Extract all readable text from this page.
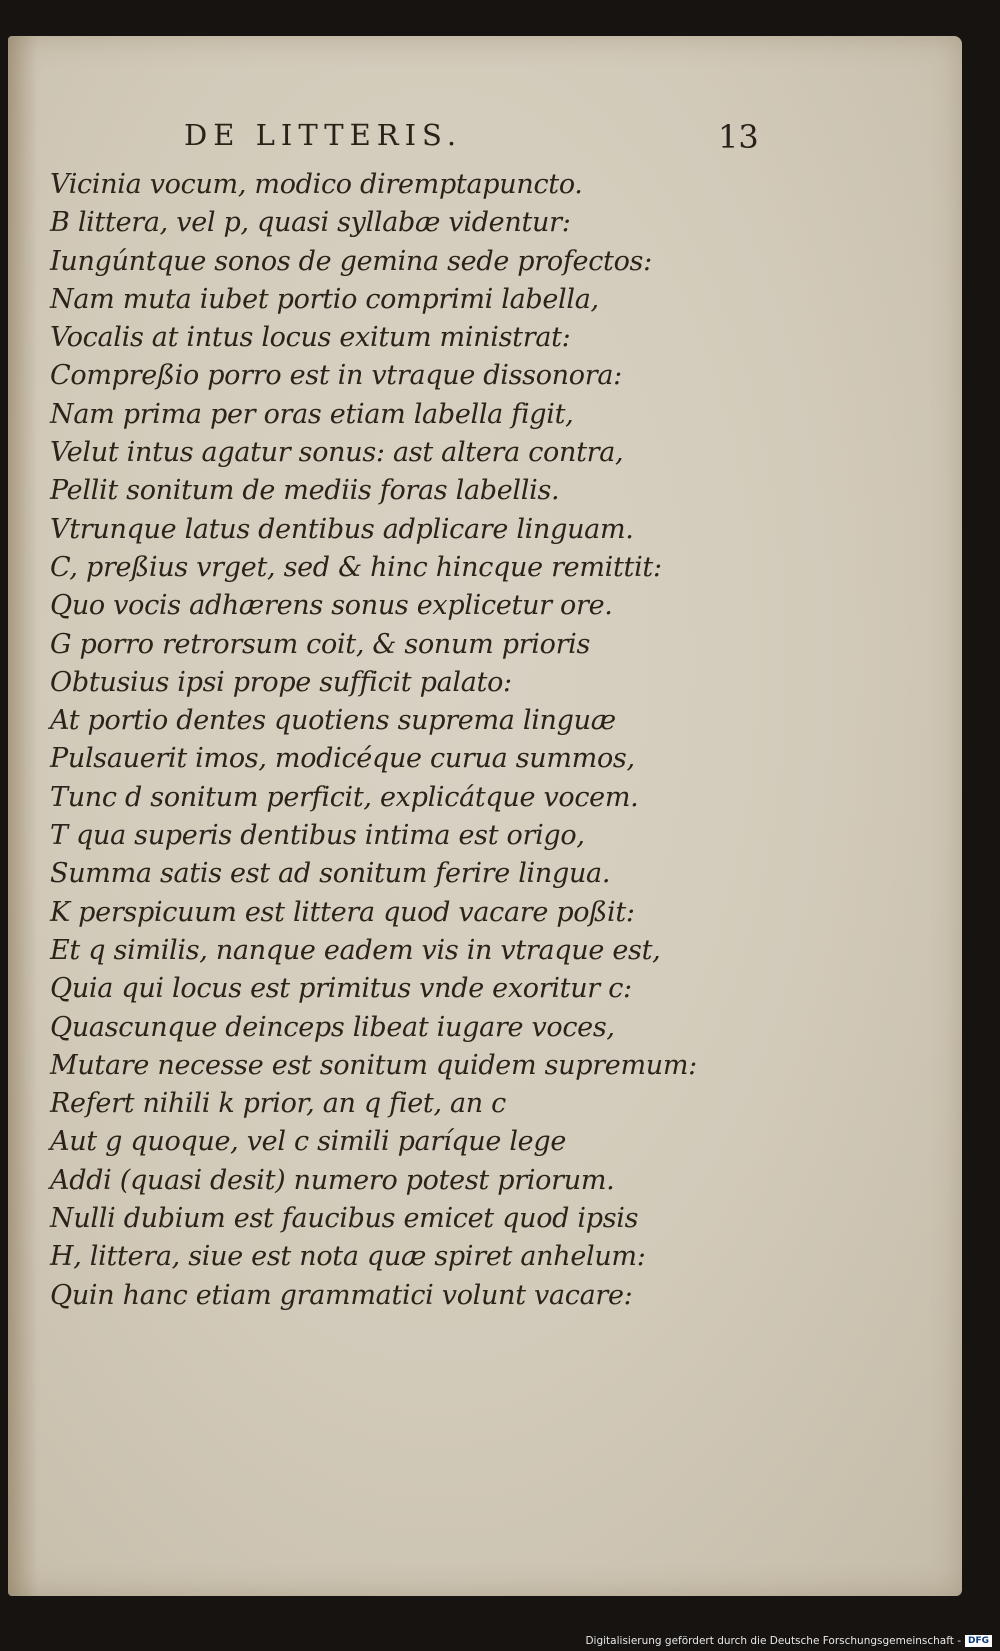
DE LITTERIS.	13
Vicinia vocum, modico diremptapuncto.
B littera, vel p, quasi syllabæ videntur:
Iungúntque sonos de gemina sede profectos:
Nam muta iubet portio comprimi labella,
Vocalis at intus locus exitum ministrat:
Compreßio porro est in vtraque dissonora:
Nam prima per oras etiam labella figit,
Velut intus agatur sonus: ast altera contra,
Pellit sonitum de mediis foras labellis.
Vtrunque latus dentibus adplicare linguam.
C, preßius vrget, sed & hinc hincque remittit:
Quo vocis adhærens sonus explicetur ore.
G porro retrorsum coit, & sonum prioris
Obtusius ipsi prope sufficit palato:
At portio dentes quotiens suprema linguæ
Pulsauerit imos, modicéque curua summos,
Tunc d sonitum perficit, explicátque vocem.
T qua superis dentibus intima est origo,
Summa satis est ad sonitum ferire lingua.
K perspicuum est littera quod vacare poßit:
Et q similis, nanque eadem vis in vtraque est,
Quia qui locus est primitus vnde exoritur c:
Quascunque deinceps libeat iugare voces,
Mutare necesse est sonitum quidem supremum:
Refert nihili k prior, an q fiet, an c
Aut g quoque, vel c simili paríque lege
Addi (quasi desit) numero potest priorum.
Nulli dubium est faucibus emicet quod ipsis
H, littera, siue est nota quæ spiret anhelum:
Quin hanc etiam grammatici volunt vacare:
Digitalisierung gefördert durch die Deutsche Forschungsgemeinschaft - DFG
